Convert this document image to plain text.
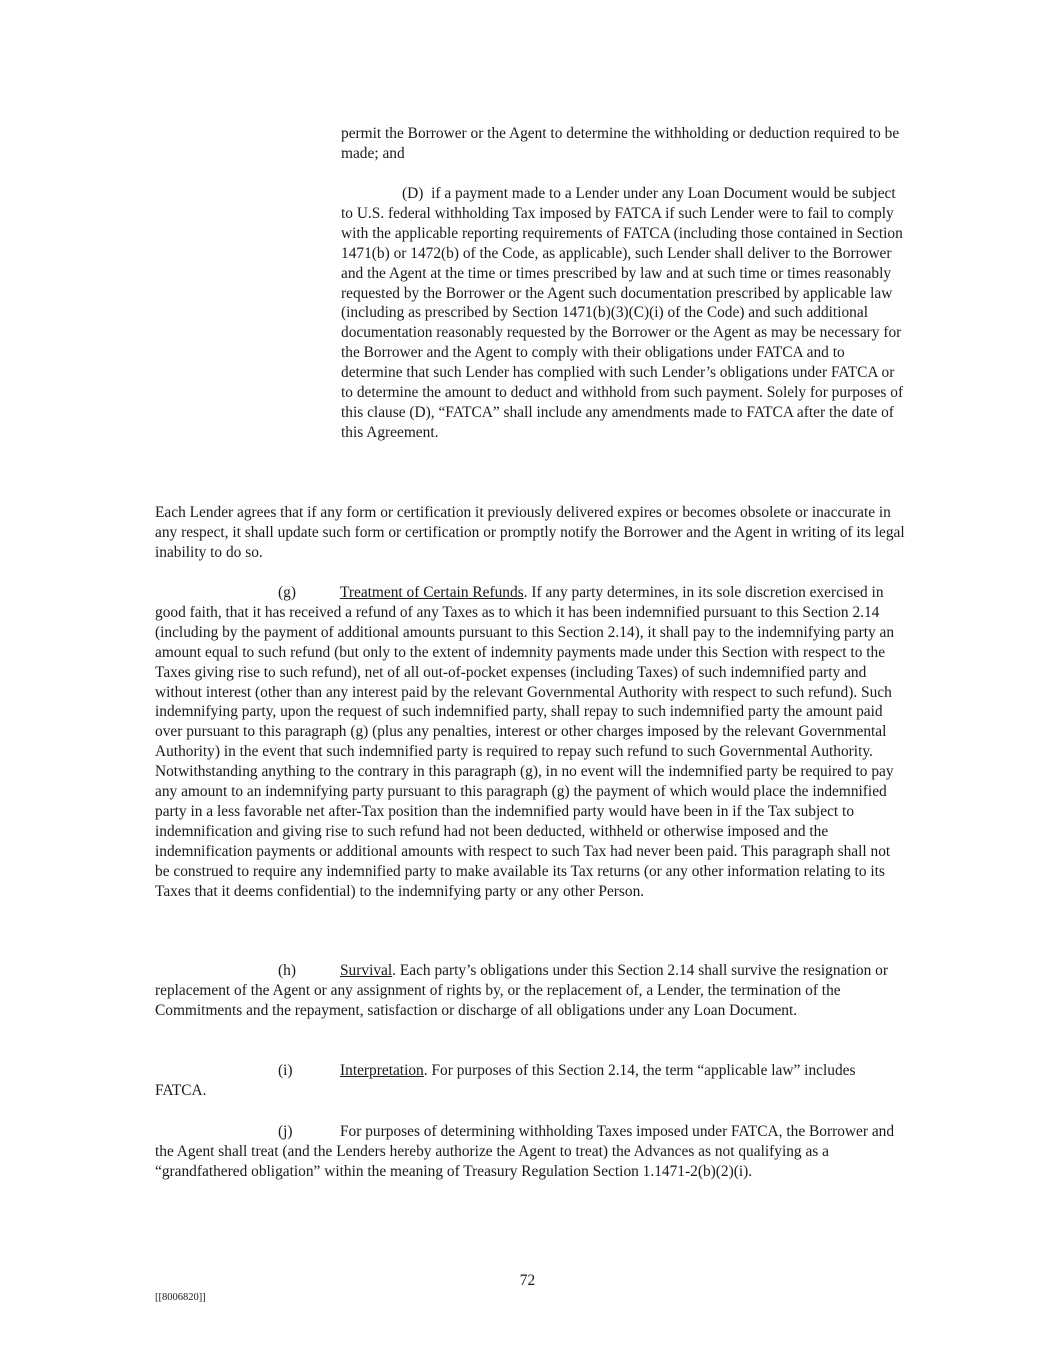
permit the Borrower or the Agent to determine the withholding or deduction required to be made; and

(D) if a payment made to a Lender under any Loan Document would be subject to U.S. federal withholding Tax imposed by FATCA if such Lender were to fail to comply with the applicable reporting requirements of FATCA (including those contained in Section 1471(b) or 1472(b) of the Code, as applicable), such Lender shall deliver to the Borrower and the Agent at the time or times prescribed by law and at such time or times reasonably requested by the Borrower or the Agent such documentation prescribed by applicable law (including as prescribed by Section 1471(b)(3)(C)(i) of the Code) and such additional documentation reasonably requested by the Borrower or the Agent as may be necessary for the Borrower and the Agent to comply with their obligations under FATCA and to determine that such Lender has complied with such Lender’s obligations under FATCA or to determine the amount to deduct and withhold from such payment. Solely for purposes of this clause (D), “FATCA” shall include any amendments made to FATCA after the date of this Agreement.

Each Lender agrees that if any form or certification it previously delivered expires or becomes obsolete or inaccurate in any respect, it shall update such form or certification or promptly notify the Borrower and the Agent in writing of its legal inability to do so.

(g)	Treatment of Certain Refunds. If any party determines, in its sole discretion exercised in good faith, that it has received a refund of any Taxes as to which it has been indemnified pursuant to this Section 2.14 (including by the payment of additional amounts pursuant to this Section 2.14), it shall pay to the indemnifying party an amount equal to such refund (but only to the extent of indemnity payments made under this Section with respect to the Taxes giving rise to such refund), net of all out-of-pocket expenses (including Taxes) of such indemnified party and without interest (other than any interest paid by the relevant Governmental Authority with respect to such refund). Such indemnifying party, upon the request of such indemnified party, shall repay to such indemnified party the amount paid over pursuant to this paragraph (g) (plus any penalties, interest or other charges imposed by the relevant Governmental Authority) in the event that such indemnified party is required to repay such refund to such Governmental Authority. Notwithstanding anything to the contrary in this paragraph (g), in no event will the indemnified party be required to pay any amount to an indemnifying party pursuant to this paragraph (g) the payment of which would place the indemnified party in a less favorable net after-Tax position than the indemnified party would have been in if the Tax subject to indemnification and giving rise to such refund had not been deducted, withheld or otherwise imposed and the indemnification payments or additional amounts with respect to such Tax had never been paid. This paragraph shall not be construed to require any indemnified party to make available its Tax returns (or any other information relating to its Taxes that it deems confidential) to the indemnifying party or any other Person.

(h)	Survival. Each party’s obligations under this Section 2.14 shall survive the resignation or replacement of the Agent or any assignment of rights by, or the replacement of, a Lender, the termination of the Commitments and the repayment, satisfaction or discharge of all obligations under any Loan Document.

(i)	Interpretation. For purposes of this Section 2.14, the term “applicable law” includes FATCA.

(j)	For purposes of determining withholding Taxes imposed under FATCA, the Borrower and the Agent shall treat (and the Lenders hereby authorize the Agent to treat) the Advances as not qualifying as a “grandfathered obligation” within the meaning of Treasury Regulation Section 1.1471-2(b)(2)(i).

72
[[8006820]]
